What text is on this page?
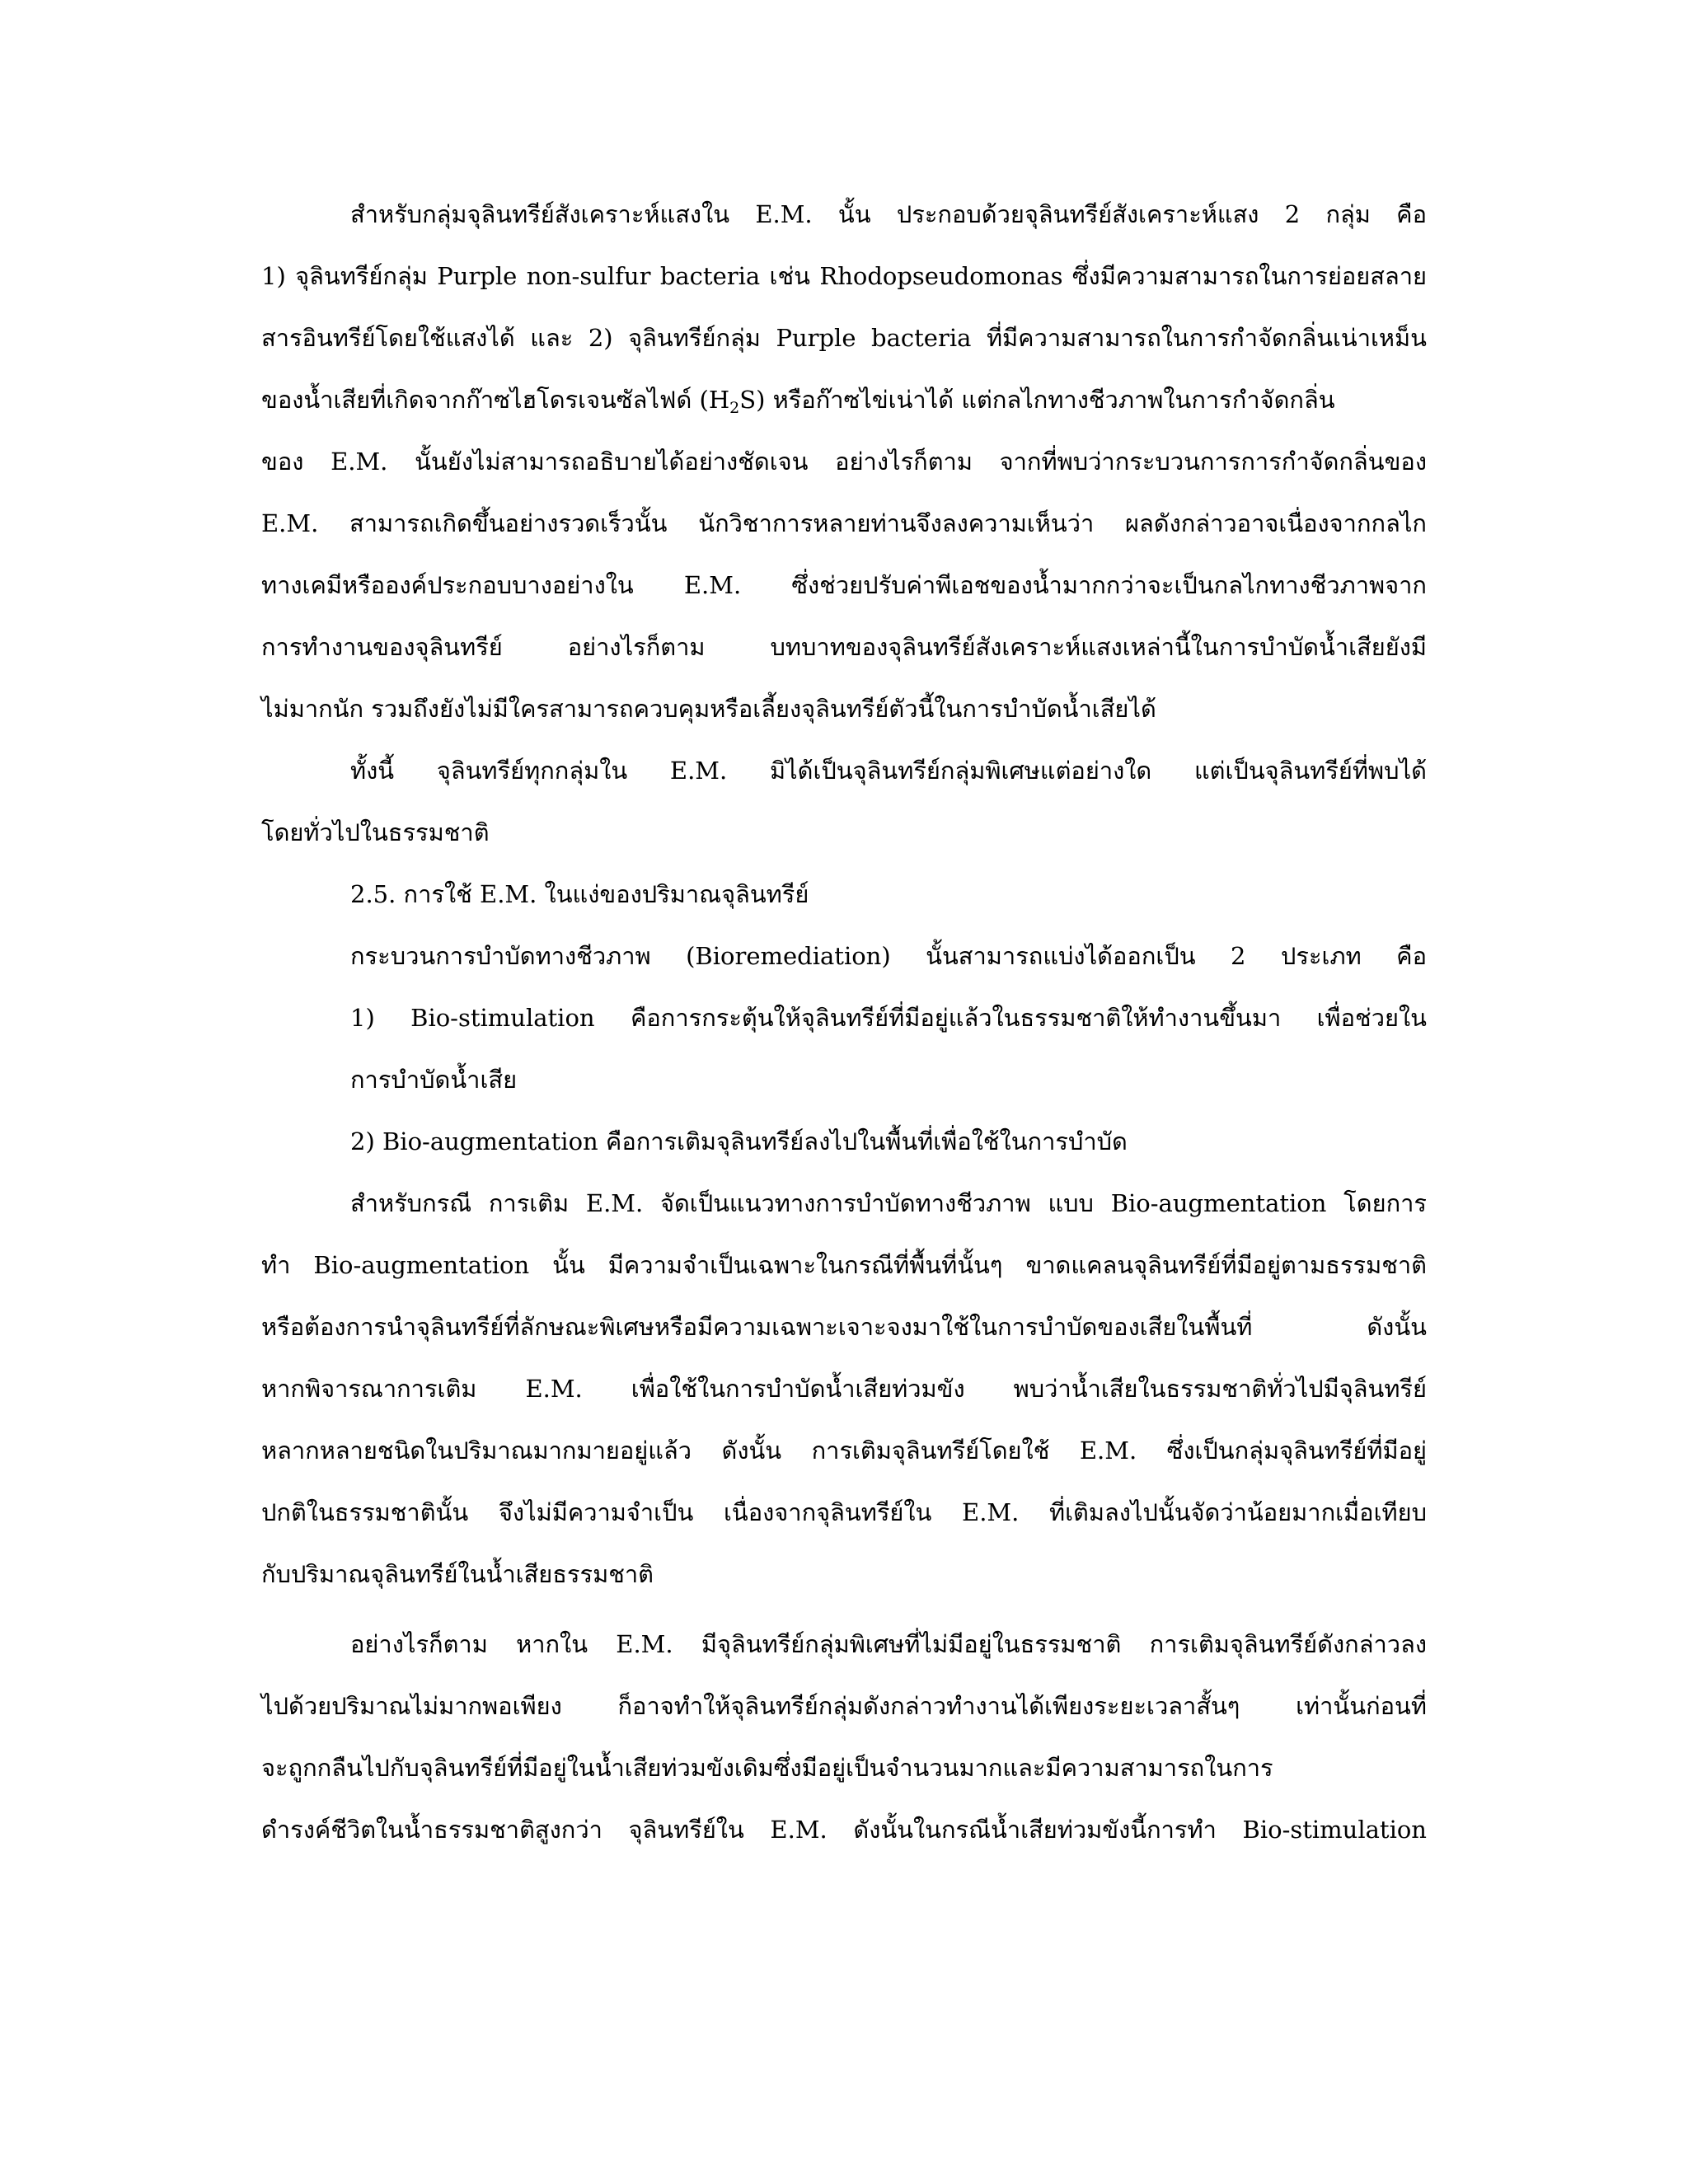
สำหรับกลุ่มจุลินทรีย์สังเคราะห์แสงใน E.M. นั้น ประกอบด้วยจุลินทรีย์สังเคราะห์แสง 2 กลุ่ม คือ
1) จุลินทรีย์กลุ่ม Purple non-sulfur bacteria เช่น Rhodopseudomonas ซึ่งมีความสามารถในการย่อยสลาย
สารอินทรีย์โดยใช้แสงได้ และ 2) จุลินทรีย์กลุ่ม Purple bacteria ที่มีความสามารถในการกำจัดกลิ่นเน่าเหม็น
ของน้ำเสียที่เกิดจากก๊าซไฮโดรเจนซัลไฟด์ $(H_2S)$ หรือก๊าซไข่เน่าได้ แต่กลไกทางชีวภาพในการกำจัดกลิ่น
ของ E.M. นั้นยังไม่สามารถอธิบายได้อย่างชัดเจน อย่างไรก็ตาม จากที่พบว่ากระบวนการการกำจัดกลิ่นของ
E.M. สามารถเกิดขึ้นอย่างรวดเร็วนั้น นักวิชาการหลายท่านจึงลงความเห็นว่า ผลดังกล่าวอาจเนื่องจากกลไก
ทางเคมีหรือองค์ประกอบบางอย่างใน E.M. ซึ่งช่วยปรับค่าพีเอชของน้ำมากกว่าจะเป็นกลไกทางชีวภาพจาก
การทำงานของจุลินทรีย์ อย่างไรก็ตาม บทบาทของจุลินทรีย์สังเคราะห์แสงเหล่านี้ในการบำบัดน้ำเสียยังมี
ไม่มากนัก รวมถึงยังไม่มีใครสามารถควบคุมหรือเลี้ยงจุลินทรีย์ตัวนี้ในการบำบัดน้ำเสียได้
ทั้งนี้ จุลินทรีย์ทุกกลุ่มใน E.M. มิได้เป็นจุลินทรีย์กลุ่มพิเศษแต่อย่างใด แต่เป็นจุลินทรีย์ที่พบได้
โดยทั่วไปในธรรมชาติ
2.5. การใช้ E.M. ในแง่ของปริมาณจุลินทรีย์
กระบวนการบำบัดทางชีวภาพ (Bioremediation) นั้นสามารถแบ่งได้ออกเป็น 2 ประเภท คือ
1) Bio-stimulation คือการกระตุ้นให้จุลินทรีย์ที่มีอยู่แล้วในธรรมชาติให้ทำงานขึ้นมา เพื่อช่วยใน
การบำบัดน้ำเสีย
2) Bio-augmentation คือการเติมจุลินทรีย์ลงไปในพื้นที่เพื่อใช้ในการบำบัด
สำหรับกรณี การเติม E.M. จัดเป็นแนวทางการบำบัดทางชีวภาพ แบบ Bio-augmentation โดยการ
ทำ Bio-augmentation นั้น มีความจำเป็นเฉพาะในกรณีที่พื้นที่นั้นๆ ขาดแคลนจุลินทรีย์ที่มีอยู่ตามธรรมชาติ
หรือต้องการนำจุลินทรีย์ที่ลักษณะพิเศษหรือมีความเฉพาะเจาะจงมาใช้ในการบำบัดของเสียในพื้นที่ ดังนั้น
หากพิจารณาการเติม E.M. เพื่อใช้ในการบำบัดน้ำเสียท่วมขัง พบว่าน้ำเสียในธรรมชาติทั่วไปมีจุลินทรีย์
หลากหลายชนิดในปริมาณมากมายอยู่แล้ว ดังนั้น การเติมจุลินทรีย์โดยใช้ E.M. ซึ่งเป็นกลุ่มจุลินทรีย์ที่มีอยู่
ปกติในธรรมชาตินั้น จึงไม่มีความจำเป็น เนื่องจากจุลินทรีย์ใน E.M. ที่เติมลงไปนั้นจัดว่าน้อยมากเมื่อเทียบ
กับปริมาณจุลินทรีย์ในน้ำเสียธรรมชาติ
อย่างไรก็ตาม หากใน E.M. มีจุลินทรีย์กลุ่มพิเศษที่ไม่มีอยู่ในธรรมชาติ การเติมจุลินทรีย์ดังกล่าวลง
ไปด้วยปริมาณไม่มากพอเพียง ก็อาจทำให้จุลินทรีย์กลุ่มดังกล่าวทำงานได้เพียงระยะเวลาสั้นๆ เท่านั้นก่อนที่
จะถูกกลืนไปกับจุลินทรีย์ที่มีอยู่ในน้ำเสียท่วมขังเดิมซึ่งมีอยู่เป็นจำนวนมากและมีความสามารถในการ
ดำรงค์ชีวิตในน้ำธรรมชาติสูงกว่า จุลินทรีย์ใน E.M. ดังนั้นในกรณีน้ำเสียท่วมขังนี้การทำ Bio-stimulation
